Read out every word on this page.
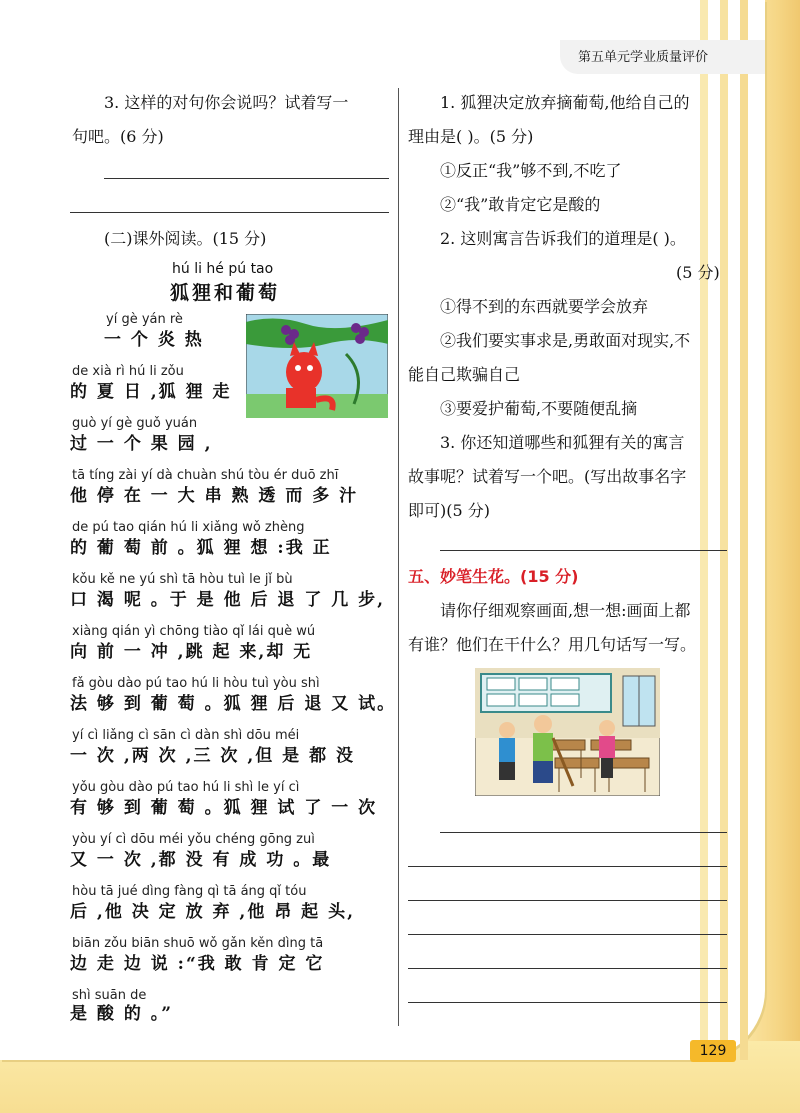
第五单元学业质量评价
3. 这样的对句你会说吗？试着写一
句吧。(6 分)
(二)课外阅读。(15 分)
hú li hé pú tao
狐狸和葡萄
yí gè yán rè
一 个 炎 热
de xià rì hú li zǒu
的 夏 日 ,狐 狸 走
guò yí gè guǒ yuán
过 一 个 果 园 ,
tā tíng zài yí dà chuàn shú tòu ér duō zhī
他 停 在 一 大 串 熟 透 而 多 汁
de pú tao qián hú li xiǎng wǒ zhèng
的 葡 萄 前 。狐 狸 想 :我 正
kǒu kě ne yú shì tā hòu tuì le jǐ bù
口 渴 呢 。于 是 他 后 退 了 几 步,
xiàng qián yì chōng tiào qǐ lái què wú
向 前 一 冲 ,跳 起 来,却 无
fǎ gòu dào pú tao hú li hòu tuì yòu shì
法 够 到 葡 萄 。狐 狸 后 退 又 试。
yí cì liǎng cì sān cì dàn shì dōu méi
一 次 ,两 次 ,三 次 ,但 是 都 没
yǒu gòu dào pú tao hú li shì le yí cì
有 够 到 葡 萄 。狐 狸 试 了 一 次
yòu yí cì dōu méi yǒu chéng gōng zuì
又 一 次 ,都 没 有 成 功 。最
hòu tā jué dìng fàng qì tā áng qǐ tóu
后 ,他 决 定 放 弃 ,他 昂 起 头,
biān zǒu biān shuō wǒ gǎn kěn dìng tā
边 走 边 说 :“我 敢 肯 定 它
shì suān de
是 酸 的 。”
1. 狐狸决定放弃摘葡萄,他给自己的
理由是( )。(5 分)
①反正“我”够不到,不吃了
②“我”敢肯定它是酸的
2. 这则寓言告诉我们的道理是( )。
(5 分)
①得不到的东西就要学会放弃
②我们要实事求是,勇敢面对现实,不
能自己欺骗自己
③要爱护葡萄,不要随便乱摘
3. 你还知道哪些和狐狸有关的寓言
故事呢？试着写一个吧。(写出故事名字
即可)(5 分)
五、妙笔生花。(15 分)
请你仔细观察画面,想一想:画面上都
有谁？他们在干什么？用几句话写一写。
129
